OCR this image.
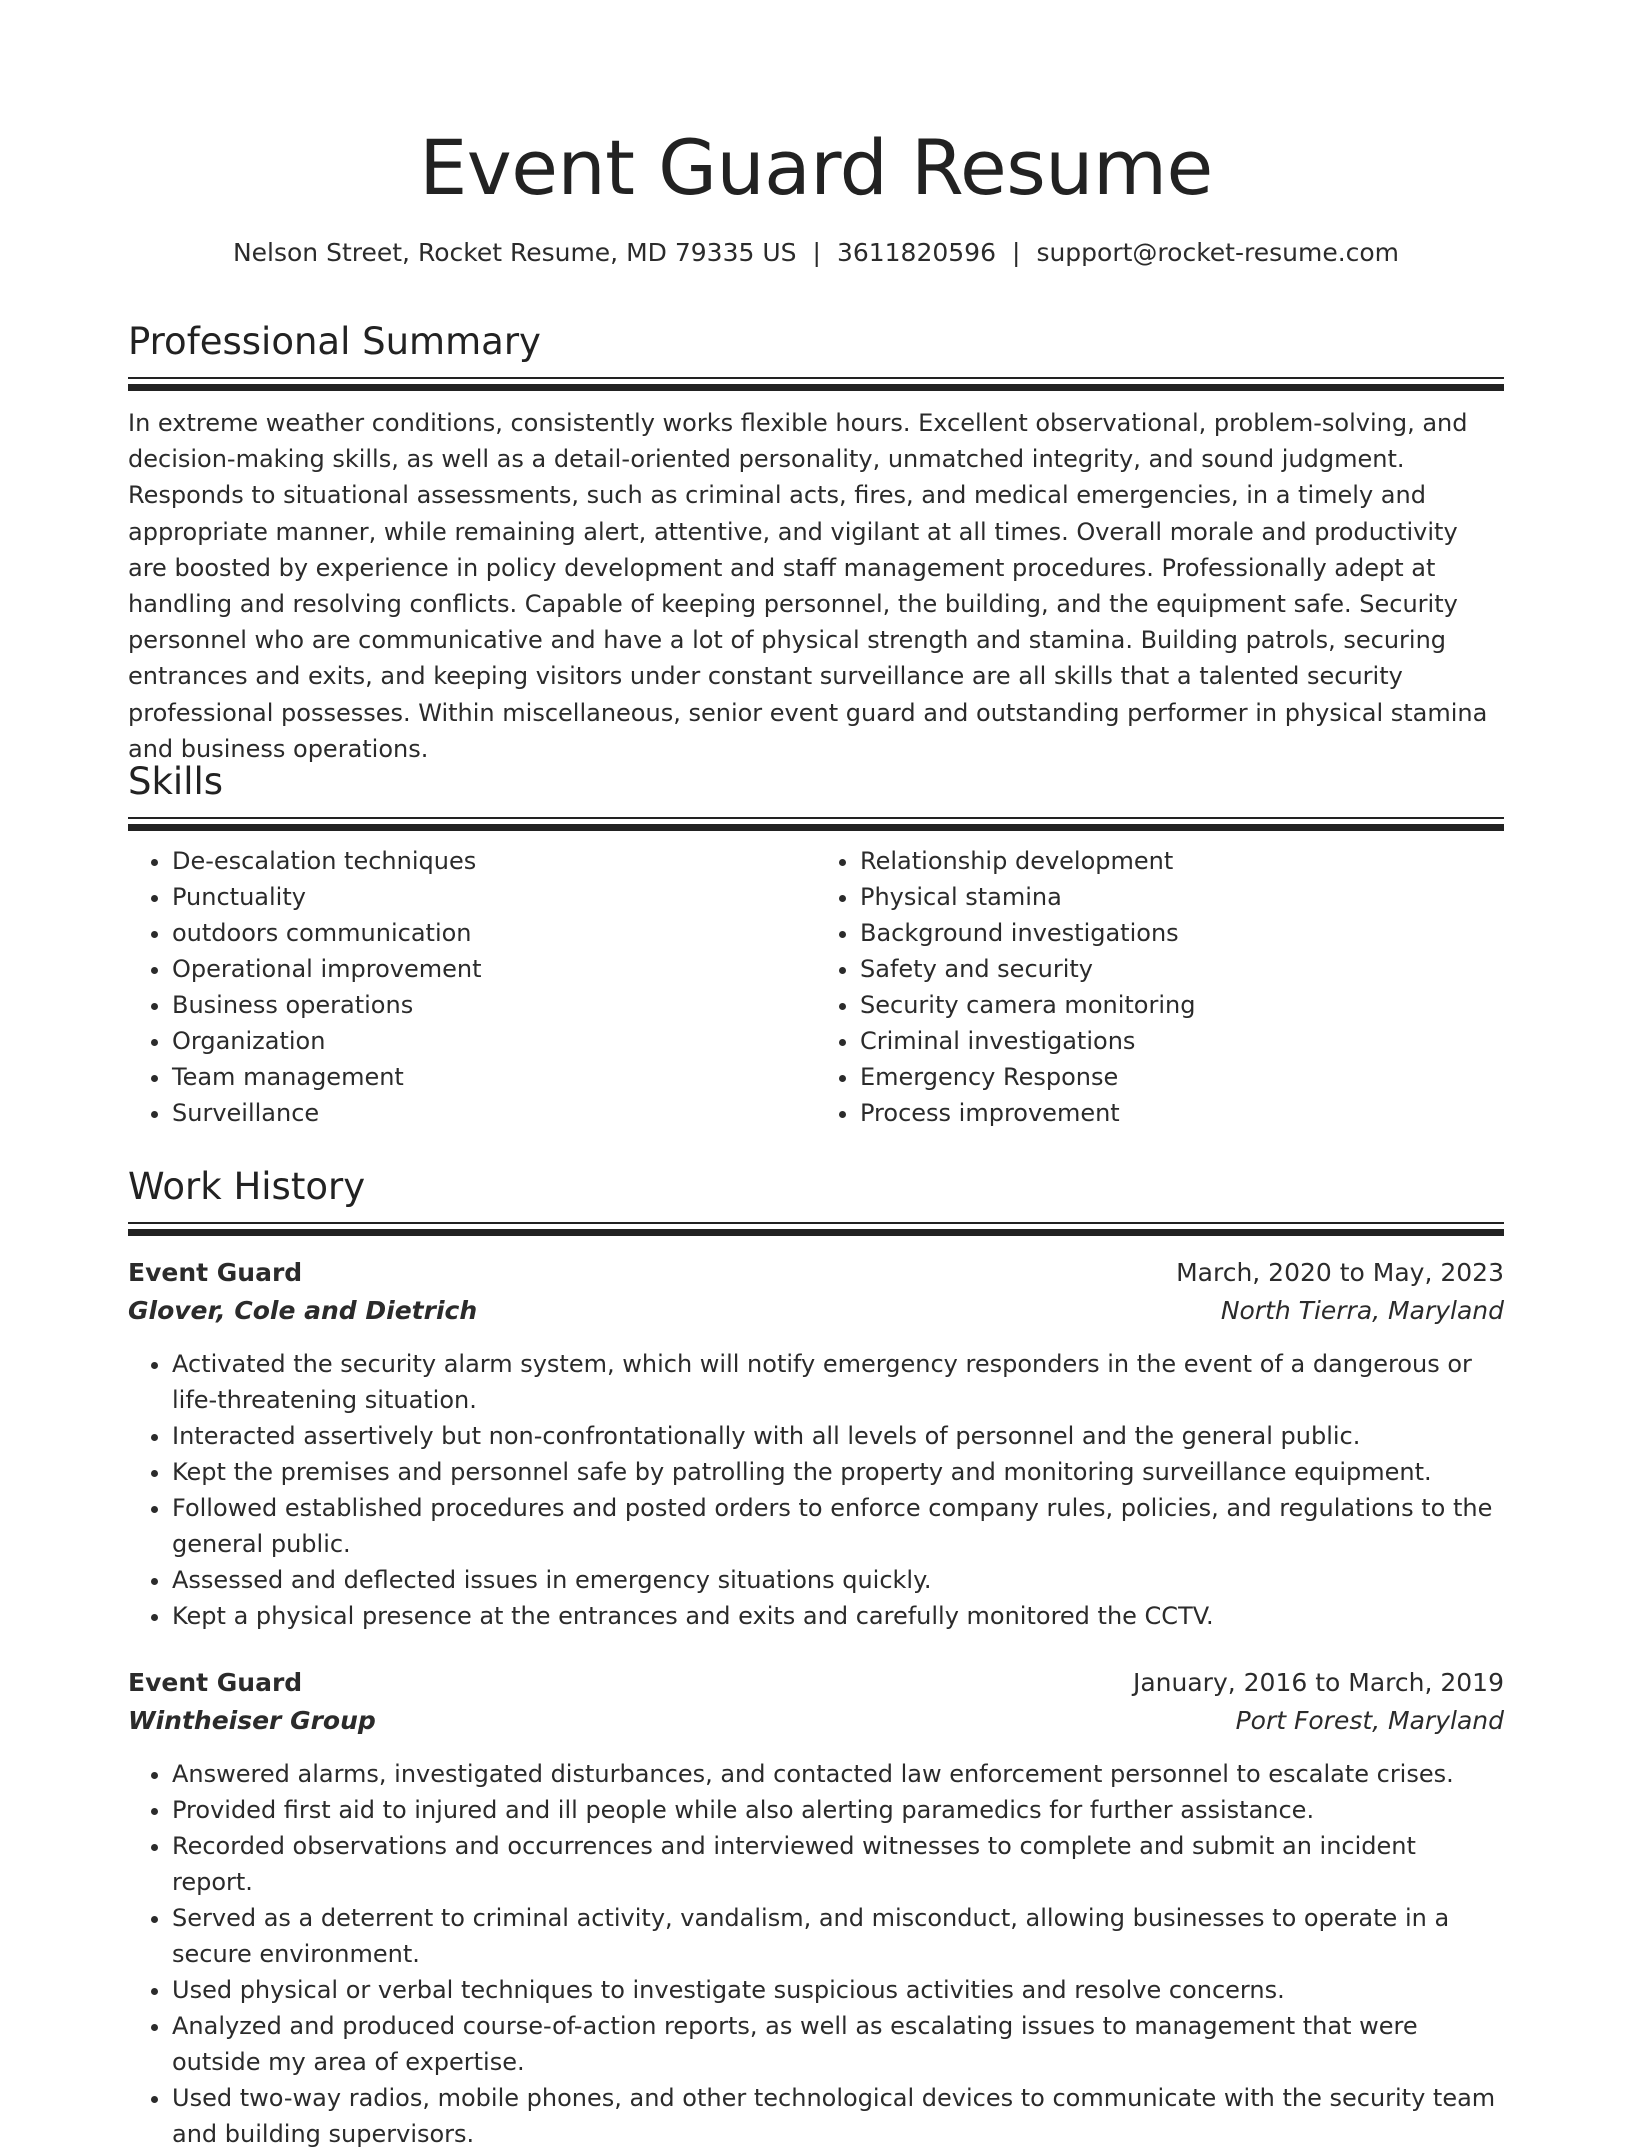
Event Guard Resume
Nelson Street, Rocket Resume, MD 79335 US | 3611820596 | support@rocket-resume.com
Professional Summary

In extreme weather conditions, consistently works flexible hours. Excellent observational, problem-solving, and decision-making skills, as well as a detail-oriented personality, unmatched integrity, and sound judgment. Responds to situational assessments, such as criminal acts, fires, and medical emergencies, in a timely and appropriate manner, while remaining alert, attentive, and vigilant at all times. Overall morale and productivity are boosted by experience in policy development and staff management procedures. Professionally adept at handling and resolving conflicts. Capable of keeping personnel, the building, and the equipment safe. Security personnel who are communicative and have a lot of physical strength and stamina. Building patrols, securing entrances and exits, and keeping visitors under constant surveillance are all skills that a talented security professional possesses. Within miscellaneous, senior event guard and outstanding performer in physical stamina and business operations.

Skills
• De-escalation techniques
• Punctuality
• outdoors communication
• Operational improvement
• Business operations
• Organization
• Team management
• Surveillance
• Relationship development
• Physical stamina
• Background investigations
• Safety and security
• Security camera monitoring
• Criminal investigations
• Emergency Response
• Process improvement
Work History
Event Guard	March, 2020 to May, 2023
Glover, Cole and Dietrich	North Tierra, Maryland
• Activated the security alarm system, which will notify emergency responders in the event of a dangerous or life-threatening situation.
• Interacted assertively but non-confrontationally with all levels of personnel and the general public.
• Kept the premises and personnel safe by patrolling the property and monitoring surveillance equipment.
• Followed established procedures and posted orders to enforce company rules, policies, and regulations to the general public.
• Assessed and deflected issues in emergency situations quickly.
• Kept a physical presence at the entrances and exits and carefully monitored the CCTV.
Event Guard	January, 2016 to March, 2019
Wintheiser Group	Port Forest, Maryland
• Answered alarms, investigated disturbances, and contacted law enforcement personnel to escalate crises.
• Provided first aid to injured and ill people while also alerting paramedics for further assistance.
• Recorded observations and occurrences and interviewed witnesses to complete and submit an incident report.
• Served as a deterrent to criminal activity, vandalism, and misconduct, allowing businesses to operate in a secure environment.
• Used physical or verbal techniques to investigate suspicious activities and resolve concerns.
• Analyzed and produced course-of-action reports, as well as escalating issues to management that were outside my area of expertise.
• Used two-way radios, mobile phones, and other technological devices to communicate with the security team and building supervisors.
